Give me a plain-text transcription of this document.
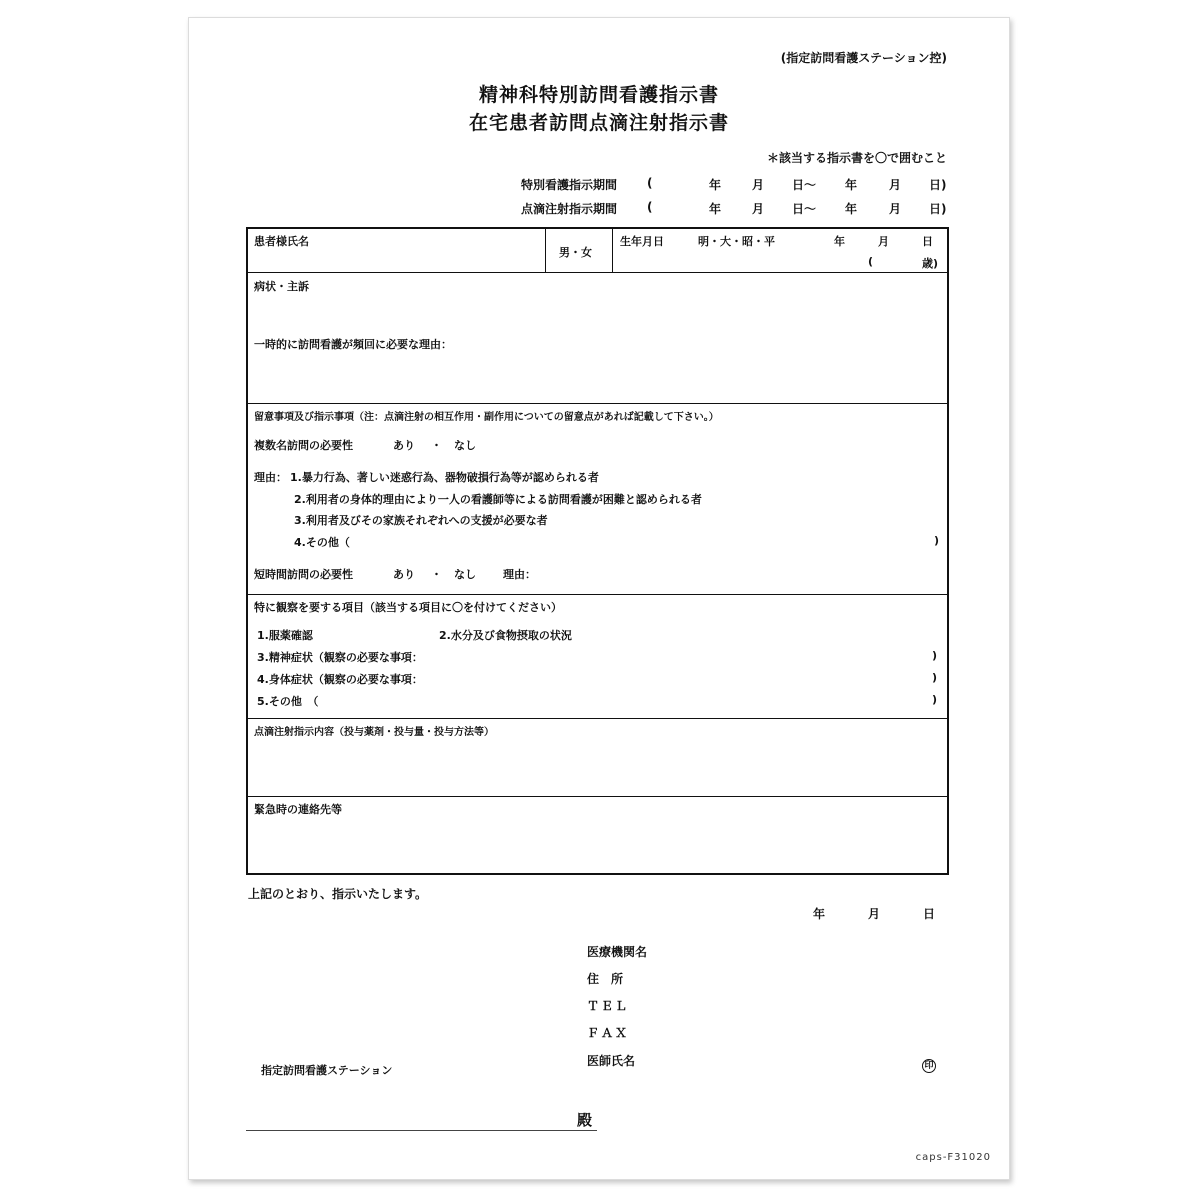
(指定訪問看護ステーション控)
精神科特別訪問看護指示書
在宅患者訪問点滴注射指示書
＊該当する指示書を〇で囲むこと
特別看護指示期間 (	年	月 日～ 年	月 日)
点滴注射指示期間 (	年	月 日～ 年	月 日)
患者様氏名
男・女
生年月日	明・大・昭・平	年	月	日
(	歳)
病状・主訴
一時的に訪問看護が頻回に必要な理由：
留意事項及び指示事項（注：点滴注射の相互作用・副作用についての留意点があれば記載して下さい。）
複数名訪問の必要性	あり ・ なし
理由： 1.暴力行為、著しい迷惑行為、器物破損行為等が認められる者
2.利用者の身体的理由により一人の看護師等による訪問看護が困難と認められる者
3.利用者及びその家族それぞれへの支援が必要な者
4.その他（	)
短時間訪問の必要性	あり ・ なし 理由：
特に観察を要する項目（該当する項目に〇を付けてください）
1.服薬確認	2.水分及び食物摂取の状況
3.精神症状（観察の必要な事項：	)
4.身体症状（観察の必要な事項：	)
5.その他　（	)
点滴注射指示内容（投与薬剤・投与量・投与方法等）
緊急時の連絡先等
上記のとおり、指示いたします。
年	月	日
医療機関名
住　所
ＴＥＬ
ＦＡＸ
医師氏名	印
指定訪問看護ステーション
殿
caps-F31020
